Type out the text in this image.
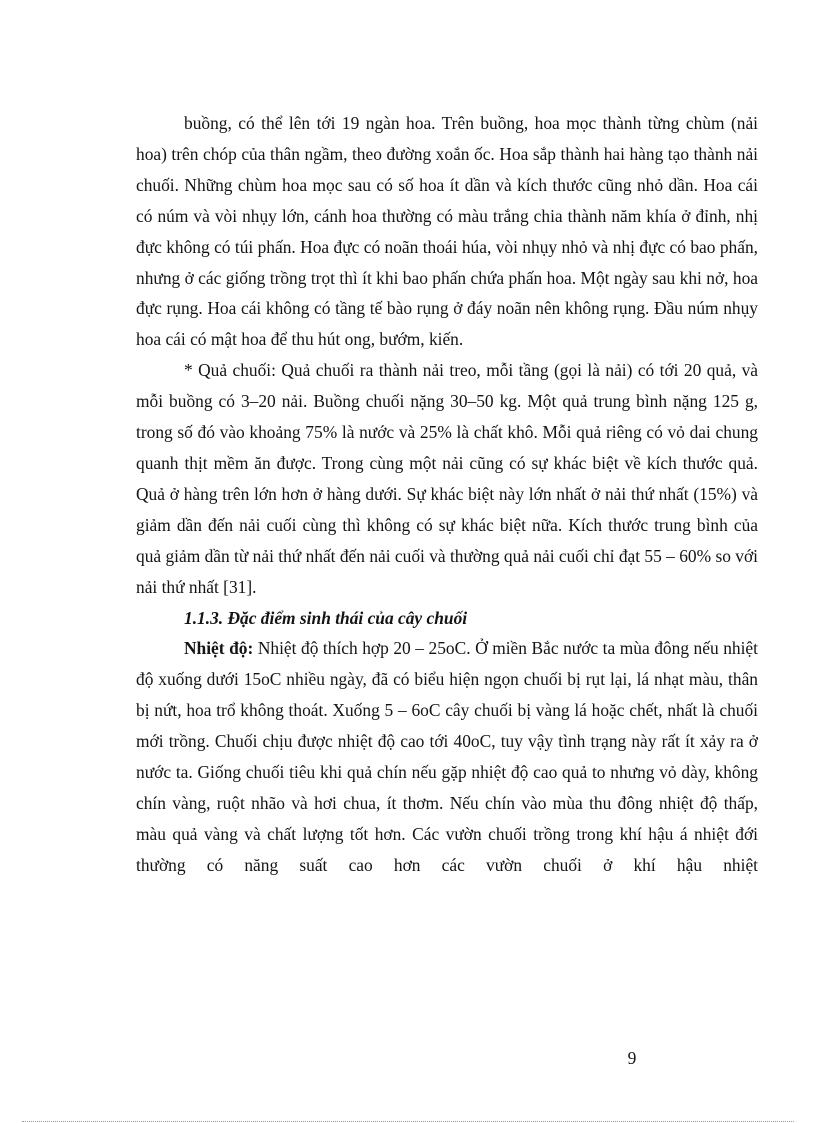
buồng, có thể lên tới 19 ngàn hoa. Trên buồng, hoa mọc thành từng chùm (nải hoa) trên chóp của thân ngầm, theo đường xoắn ốc. Hoa sắp thành hai hàng tạo thành nải chuối. Những chùm hoa mọc sau có số hoa ít dần và kích thước cũng nhỏ dần. Hoa cái có núm và vòi nhụy lớn, cánh hoa thường có màu trắng chia thành năm khía ở đỉnh, nhị đực không có túi phấn. Hoa đực có noãn thoái húa, vòi nhụy nhỏ và nhị đực có bao phấn, nhưng ở các giống trồng trọt thì ít khi bao phấn chứa phấn hoa. Một ngày sau khi nở, hoa đực rụng. Hoa cái không có tầng tế bào rụng ở đáy noãn nên không rụng. Đầu núm nhụy hoa cái có mật hoa để thu hút ong, bướm, kiến.

* Quả chuối: Quả chuối ra thành nải treo, mỗi tầng (gọi là nải) có tới 20 quả, và mỗi buồng có 3–20 nải. Buồng chuối nặng 30–50 kg. Một quả trung bình nặng 125 g, trong số đó vào khoảng 75% là nước và 25% là chất khô. Mỗi quả riêng có vỏ dai chung quanh thịt mềm ăn được. Trong cùng một nải cũng có sự khác biệt về kích thước quả. Quả ở hàng trên lớn hơn ở hàng dưới. Sự khác biệt này lớn nhất ở nải thứ nhất (15%) và giảm dần đến nải cuối cùng thì không có sự khác biệt nữa. Kích thước trung bình của quả giảm dần từ nải thứ nhất đến nải cuối và thường quả nải cuối chỉ đạt 55 – 60% so với nải thứ nhất [31].

1.1.3. Đặc điểm sinh thái của cây chuối

Nhiệt độ: Nhiệt độ thích hợp 20 – 25oC. Ở miền Bắc nước ta mùa đông nếu nhiệt độ xuống dưới 15oC nhiều ngày, đã có biểu hiện ngọn chuối bị rụt lại, lá nhạt màu, thân bị nứt, hoa trổ không thoát. Xuống 5 – 6oC cây chuối bị vàng lá hoặc chết, nhất là chuối mới trồng. Chuối chịu được nhiệt độ cao tới 40oC, tuy vậy tình trạng này rất ít xảy ra ở nước ta. Giống chuối tiêu khi quả chín nếu gặp nhiệt độ cao quả to nhưng vỏ dày, không chín vàng, ruột nhão và hơi chua, ít thơm. Nếu chín vào mùa thu đông nhiệt độ thấp, màu quả vàng và chất lượng tốt hơn. Các vườn chuối trồng trong khí hậu á nhiệt đới thường có năng suất cao hơn các vườn chuối ở khí hậu nhiệt

9
